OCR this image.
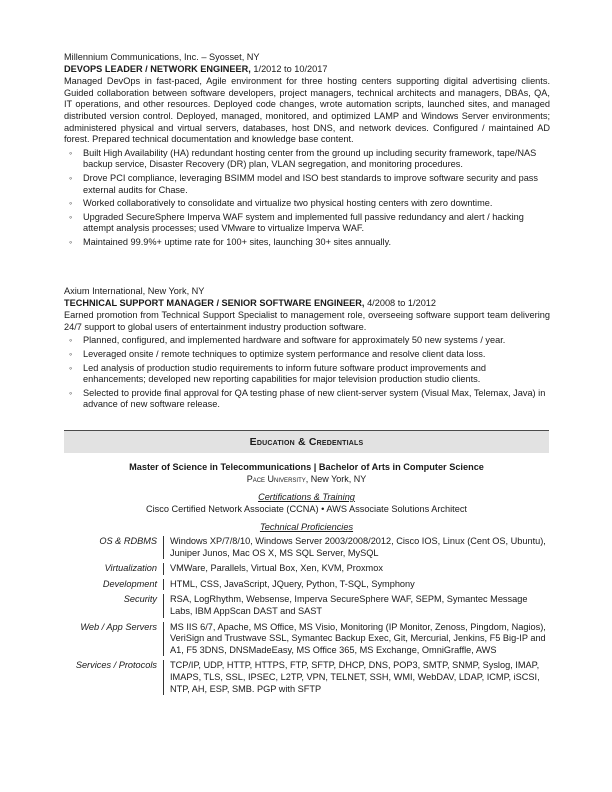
Millennium Communications, Inc. – Syosset, NY

DEVOPS LEADER / NETWORK ENGINEER, 1/2012 to 10/2017

Managed DevOps in fast-paced, Agile environment for three hosting centers supporting digital advertising clients. Guided collaboration between software developers, project managers, technical architects and managers, DBAs, QA, IT operations, and other resources. Deployed code changes, wrote automation scripts, launched sites, and managed distributed version control. Deployed, managed, monitored, and optimized LAMP and Windows Server environments; administered physical and virtual servers, databases, host DNS, and network devices. Configured / maintained AD forest. Prepared technical documentation and knowledge base content.

◦ Built High Availability (HA) redundant hosting center from the ground up including security framework, tape/NAS backup service, Disaster Recovery (DR) plan, VLAN segregation, and monitoring procedures.
◦ Drove PCI compliance, leveraging BSIMM model and ISO best standards to improve software security and pass external audits for Chase.
◦ Worked collaboratively to consolidate and virtualize two physical hosting centers with zero downtime.
◦ Upgraded SecureSphere Imperva WAF system and implemented full passive redundancy and alert / hacking attempt analysis processes; used VMware to virtualize Imperva WAF.
◦ Maintained 99.9%+ uptime rate for 100+ sites, launching 30+ sites annually.

Axium International, New York, NY

TECHNICAL SUPPORT MANAGER / SENIOR SOFTWARE ENGINEER, 4/2008 to 1/2012

Earned promotion from Technical Support Specialist to management role, overseeing software support team delivering 24/7 support to global users of entertainment industry production software.

◦ Planned, configured, and implemented hardware and software for approximately 50 new systems / year.
◦ Leveraged onsite / remote techniques to optimize system performance and resolve client data loss.
◦ Led analysis of production studio requirements to inform future software product improvements and enhancements; developed new reporting capabilities for major television production studio clients.
◦ Selected to provide final approval for QA testing phase of new client-server system (Visual Max, Telemax, Java) in advance of new software release.
Education & Credentials
Master of Science in Telecommunications | Bachelor of Arts in Computer Science
Pace University, New York, NY
Certifications & Training
Cisco Certified Network Associate (CCNA) • AWS Associate Solutions Architect
Technical Proficiencies
OS & RDBMS	Windows XP/7/8/10, Windows Server 2003/2008/2012, Cisco IOS, Linux (Cent OS, Ubuntu), Juniper Junos, Mac OS X, MS SQL Server, MySQL
Virtualization	VMWare, Parallels, Virtual Box, Xen, KVM, Proxmox
Development	HTML, CSS, JavaScript, JQuery, Python, T-SQL, Symphony
Security	RSA, LogRhythm, Websense, Imperva SecureSphere WAF, SEPM, Symantec Message Labs, IBM AppScan DAST and SAST
Web / App Servers	MS IIS 6/7, Apache, MS Office, MS Visio, Monitoring (IP Monitor, Zenoss, Pingdom, Nagios), VeriSign and Trustwave SSL, Symantec Backup Exec, Git, Mercurial, Jenkins, F5 Big-IP and A1, F5 3DNS, DNSMadeEasy, MS Office 365, MS Exchange, OmniGraffle, AWS
Services / Protocols	TCP/IP, UDP, HTTP, HTTPS, FTP, SFTP, DHCP, DNS, POP3, SMTP, SNMP, Syslog, IMAP, IMAPS, TLS, SSL, IPSEC, L2TP, VPN, TELNET, SSH, WMI, WebDAV, LDAP, ICMP, iSCSI, NTP, AH, ESP, SMB. PGP with SFTP
